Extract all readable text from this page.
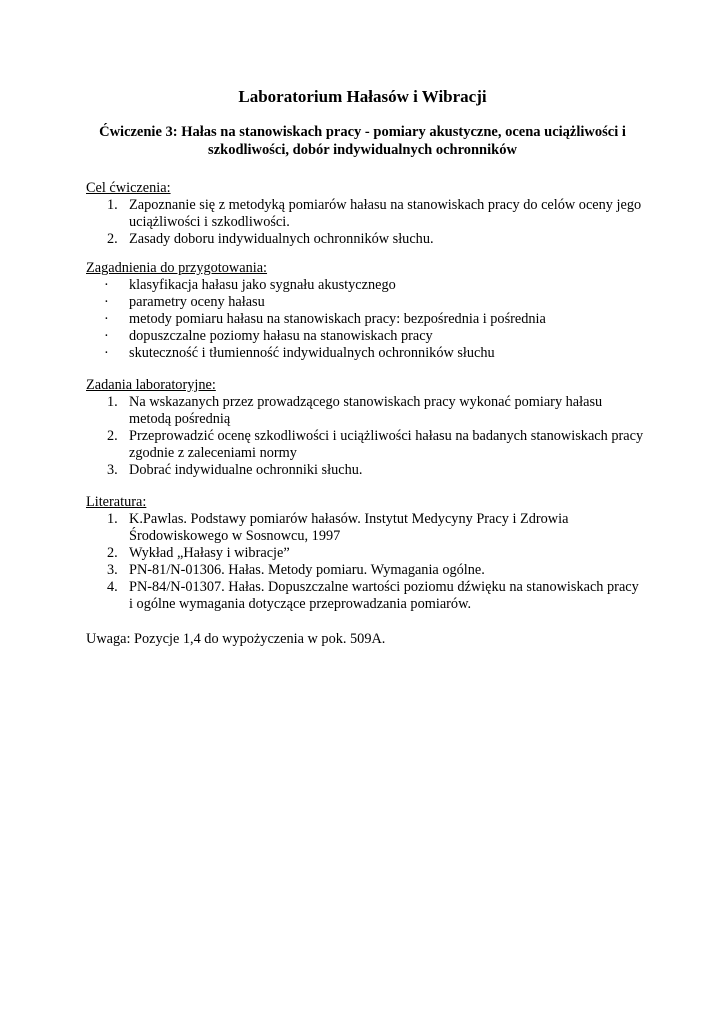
Laboratorium Hałasów i Wibracji
Ćwiczenie 3: Hałas na stanowiskach pracy - pomiary akustyczne, ocena uciążliwości i szkodliwości, dobór indywidualnych ochronników
Cel ćwiczenia:
1. Zapoznanie się z metodyką pomiarów hałasu na stanowiskach pracy do celów oceny jego uciążliwości i szkodliwości.
2. Zasady doboru indywidualnych ochronników słuchu.
Zagadnienia do przygotowania:
· klasyfikacja hałasu jako sygnału akustycznego
· parametry oceny hałasu
· metody pomiaru hałasu na stanowiskach pracy: bezpośrednia i pośrednia
· dopuszczalne poziomy hałasu na stanowiskach pracy
· skuteczność i tłumienność indywidualnych ochronników słuchu
Zadania laboratoryjne:
1. Na wskazanych przez prowadzącego stanowiskach pracy wykonać pomiary hałasu metodą pośrednią
2. Przeprowadzić ocenę szkodliwości i uciążliwości hałasu na badanych stanowiskach pracy zgodnie z zaleceniami normy
3. Dobrać indywidualne ochronniki słuchu.
Literatura:
1. K.Pawlas. Podstawy pomiarów hałasów. Instytut Medycyny Pracy i Zdrowia Środowiskowego w Sosnowcu, 1997
2. Wykład „Hałasy i wibracje”
3. PN-81/N-01306. Hałas. Metody pomiaru. Wymagania ogólne.
4. PN-84/N-01307. Hałas. Dopuszczalne wartości poziomu dźwięku na stanowiskach pracy i ogólne wymagania dotyczące przeprowadzania pomiarów.
Uwaga: Pozycje 1,4 do wypożyczenia w pok. 509A.
